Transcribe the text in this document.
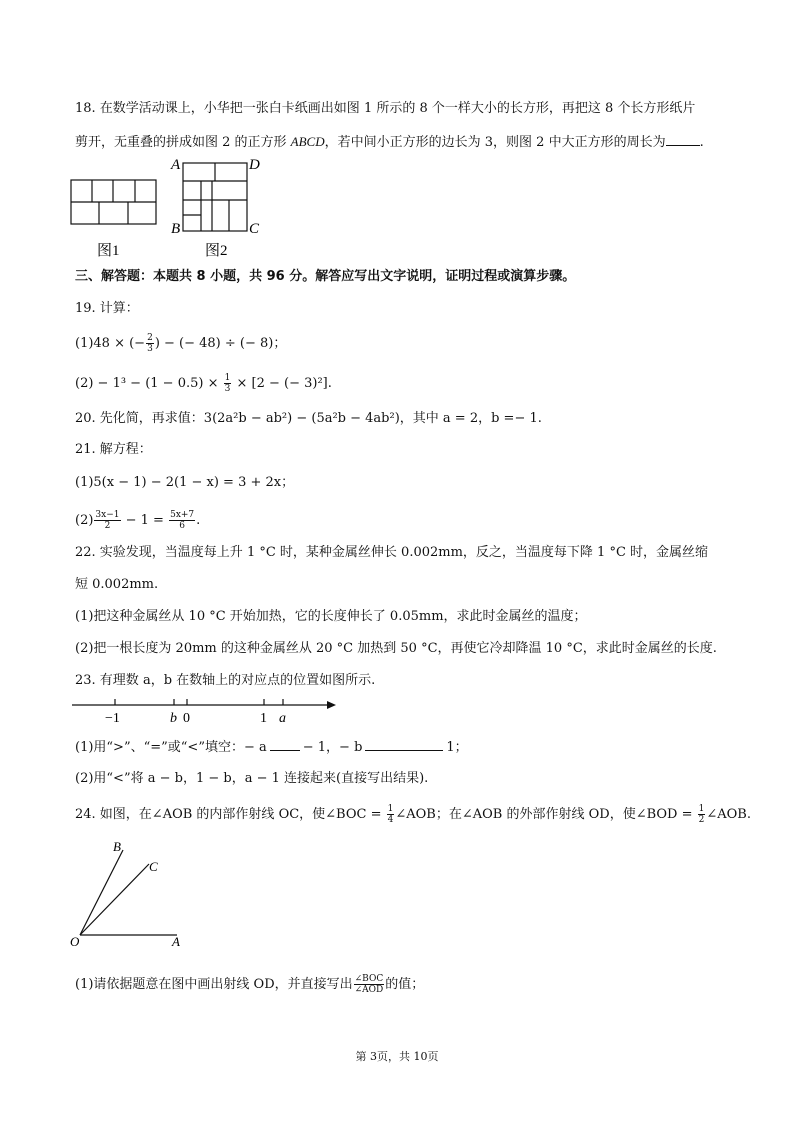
18. 在数学活动课上，小华把一张白卡纸画出如图 1 所示的 8 个一样大小的长方形，再把这 8 个长方形纸片
剪开，无重叠的拼成如图 2 的正方形 ABCD，若中间小正方形的边长为 3，则图 2 中大正方形的周长为	.
图1
A	D
B	C
图2
三、解答题：本题共 8 小题，共 96 分。解答应写出文字说明，证明过程或演算步骤。
19. 计算：
(1)48 × (− $\frac{2}{3}$ ) − (− 48) ÷ (− 8)；
$(2) - 1^3 - (1 - 0.5) \times \frac{1}{3} \times [2$ − (− 3)²].
20. 先化简，再求值：3(2a²b − ab²) − (5a²b − 4ab²)，其中 a = 2，b =− 1.
21. 解方程：
(1)5(x − 1) − 2(1 − x) = 3 + 2x；
$(2) \frac{3x-1}{2} - 1 = \frac{5x+7}{6}$ .
22. 实验发现，当温度每上升 1 °C 时，某种金属丝伸长 0.002mm，反之，当温度每下降 1 °C 时，金属丝缩
短 0.002mm.
(1)把这种金属丝从 10 °C 开始加热，它的长度伸长了 0.05mm，求此时金属丝的温度；
(2)把一根长度为 20mm 的这种金属丝从 20 °C 加热到 50 °C，再使它冷却降温 10 °C，求此时金属丝的长度.
23. 有理数 a，b 在数轴上的对应点的位置如图所示.
−1	b 0	1 a
(1)用“>”、“=”或“<”填空：− a	− 1，− b	1；
(2)用“<”将 a − b，1 − b，a − 1 连接起来(直接写出结果).
24. 如图，在∠AOB 的内部作射线 OC，使∠BOC = $\frac{1}{4}$ ∠AOB；在∠AOB 的外部作射线 OD，使∠BOD = $\frac{1}{2}$ ∠AOB.
B
C
O	A
(1)请依据题意在图中画出射线 OD，并直接写出 $\frac{\text{∠BOC}}{\text{∠AOD}}$ 的值；
第 3页，共 10页
